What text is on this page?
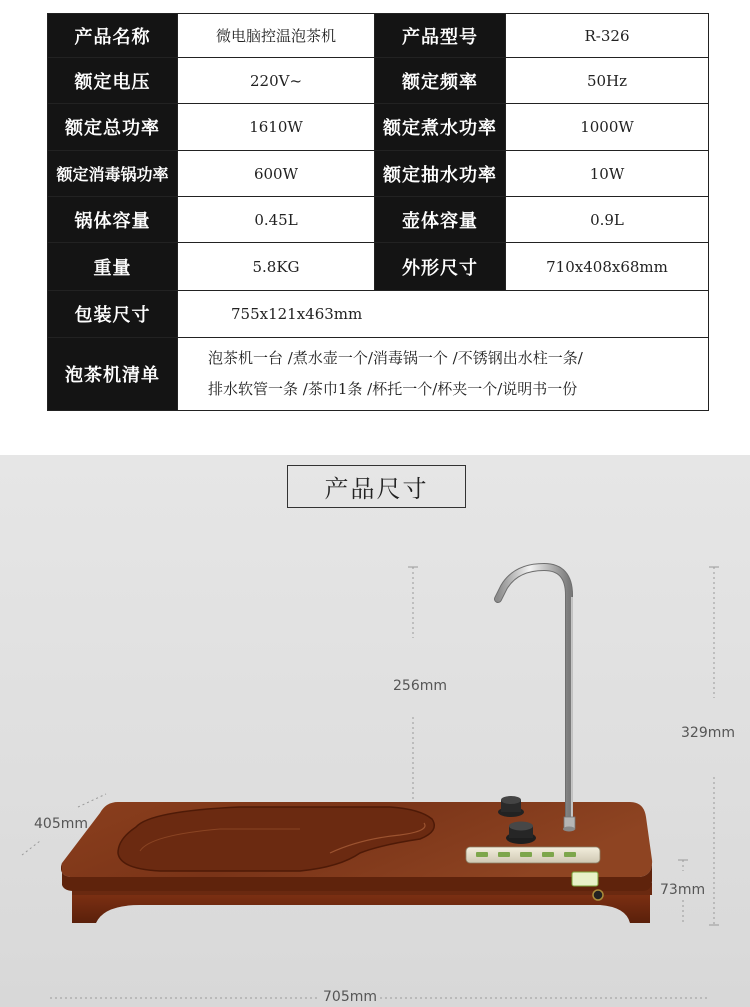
产品名称	微电脑控温泡茶机	产品型号	R-326
额定电压	220V~	额定频率	50Hz
额定总功率	1610W	额定煮水功率	1000W
额定消毒锅功率	600W	额定抽水功率	10W
锅体容量	0.45L	壶体容量	0.9L
重量	5.8KG	外形尺寸	710x408x68mm
包装尺寸	755x121x463mm		
泡茶机清单	泡茶机一台 /煮水壶一个/消毒锅一个 /不锈钢出水柱一条/
排水软管一条 /茶巾1条 /杯托一个/杯夹一个/说明书一份		
产品尺寸
256mm
329mm
405mm
73mm
705mm
